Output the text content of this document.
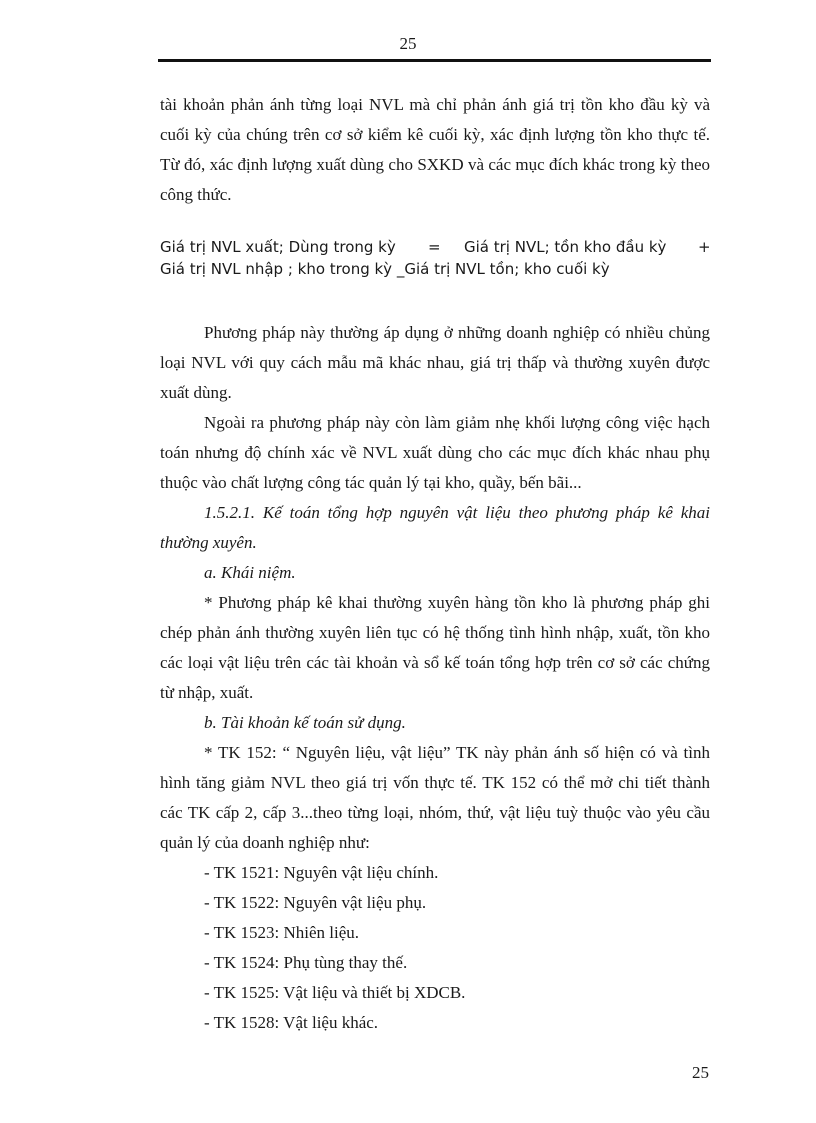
25

tài khoản phản ánh từng loại NVL mà chỉ phản ánh giá trị tồn kho đầu kỳ và cuối kỳ của chúng trên cơ sở kiểm kê cuối kỳ, xác định lượng tồn kho thực tế. Từ đó, xác định lượng xuất dùng cho SXKD và các mục đích khác trong kỳ theo công thức.

Giá trị NVL xuất; Dùng trong kỳ = Giá trị NVL; tồn kho đầu kỳ +
Giá trị NVL nhập ; kho trong kỳ _Giá trị NVL tồn; kho cuối kỳ

Phương pháp này thường áp dụng ở những doanh nghiệp có nhiều chủng loại NVL với quy cách mẫu mã khác nhau, giá trị thấp và thường xuyên được xuất dùng.

Ngoài ra phương pháp này còn làm giảm nhẹ khối lượng công việc hạch toán nhưng độ chính xác về NVL xuất dùng cho các mục đích khác nhau phụ thuộc vào chất lượng công tác quản lý tại kho, quầy, bến bãi...

1.5.2.1. Kế toán tổng hợp nguyên vật liệu theo phương pháp kê khai thường xuyên.

a. Khái niệm.

* Phương pháp kê khai thường xuyên hàng tồn kho là phương pháp ghi chép phản ánh thường xuyên liên tục có hệ thống tình hình nhập, xuất, tồn kho các loại vật liệu trên các tài khoản và sổ kế toán tổng hợp trên cơ sở các chứng từ nhập, xuất.

b. Tài khoản kế toán sử dụng.

* TK 152: “ Nguyên liệu, vật liệu” TK này phản ánh số hiện có và tình hình tăng giảm NVL theo giá trị vốn thực tế. TK 152 có thể mở chi tiết thành các TK cấp 2, cấp 3...theo từng loại, nhóm, thứ, vật liệu tuỳ thuộc vào yêu cầu quản lý của doanh nghiệp như:

- TK 1521: Nguyên vật liệu chính.

- TK 1522: Nguyên vật liệu phụ.

- TK 1523: Nhiên liệu.

- TK 1524: Phụ tùng thay thế.

- TK 1525: Vật liệu và thiết bị XDCB.

- TK 1528: Vật liệu khác.

25
